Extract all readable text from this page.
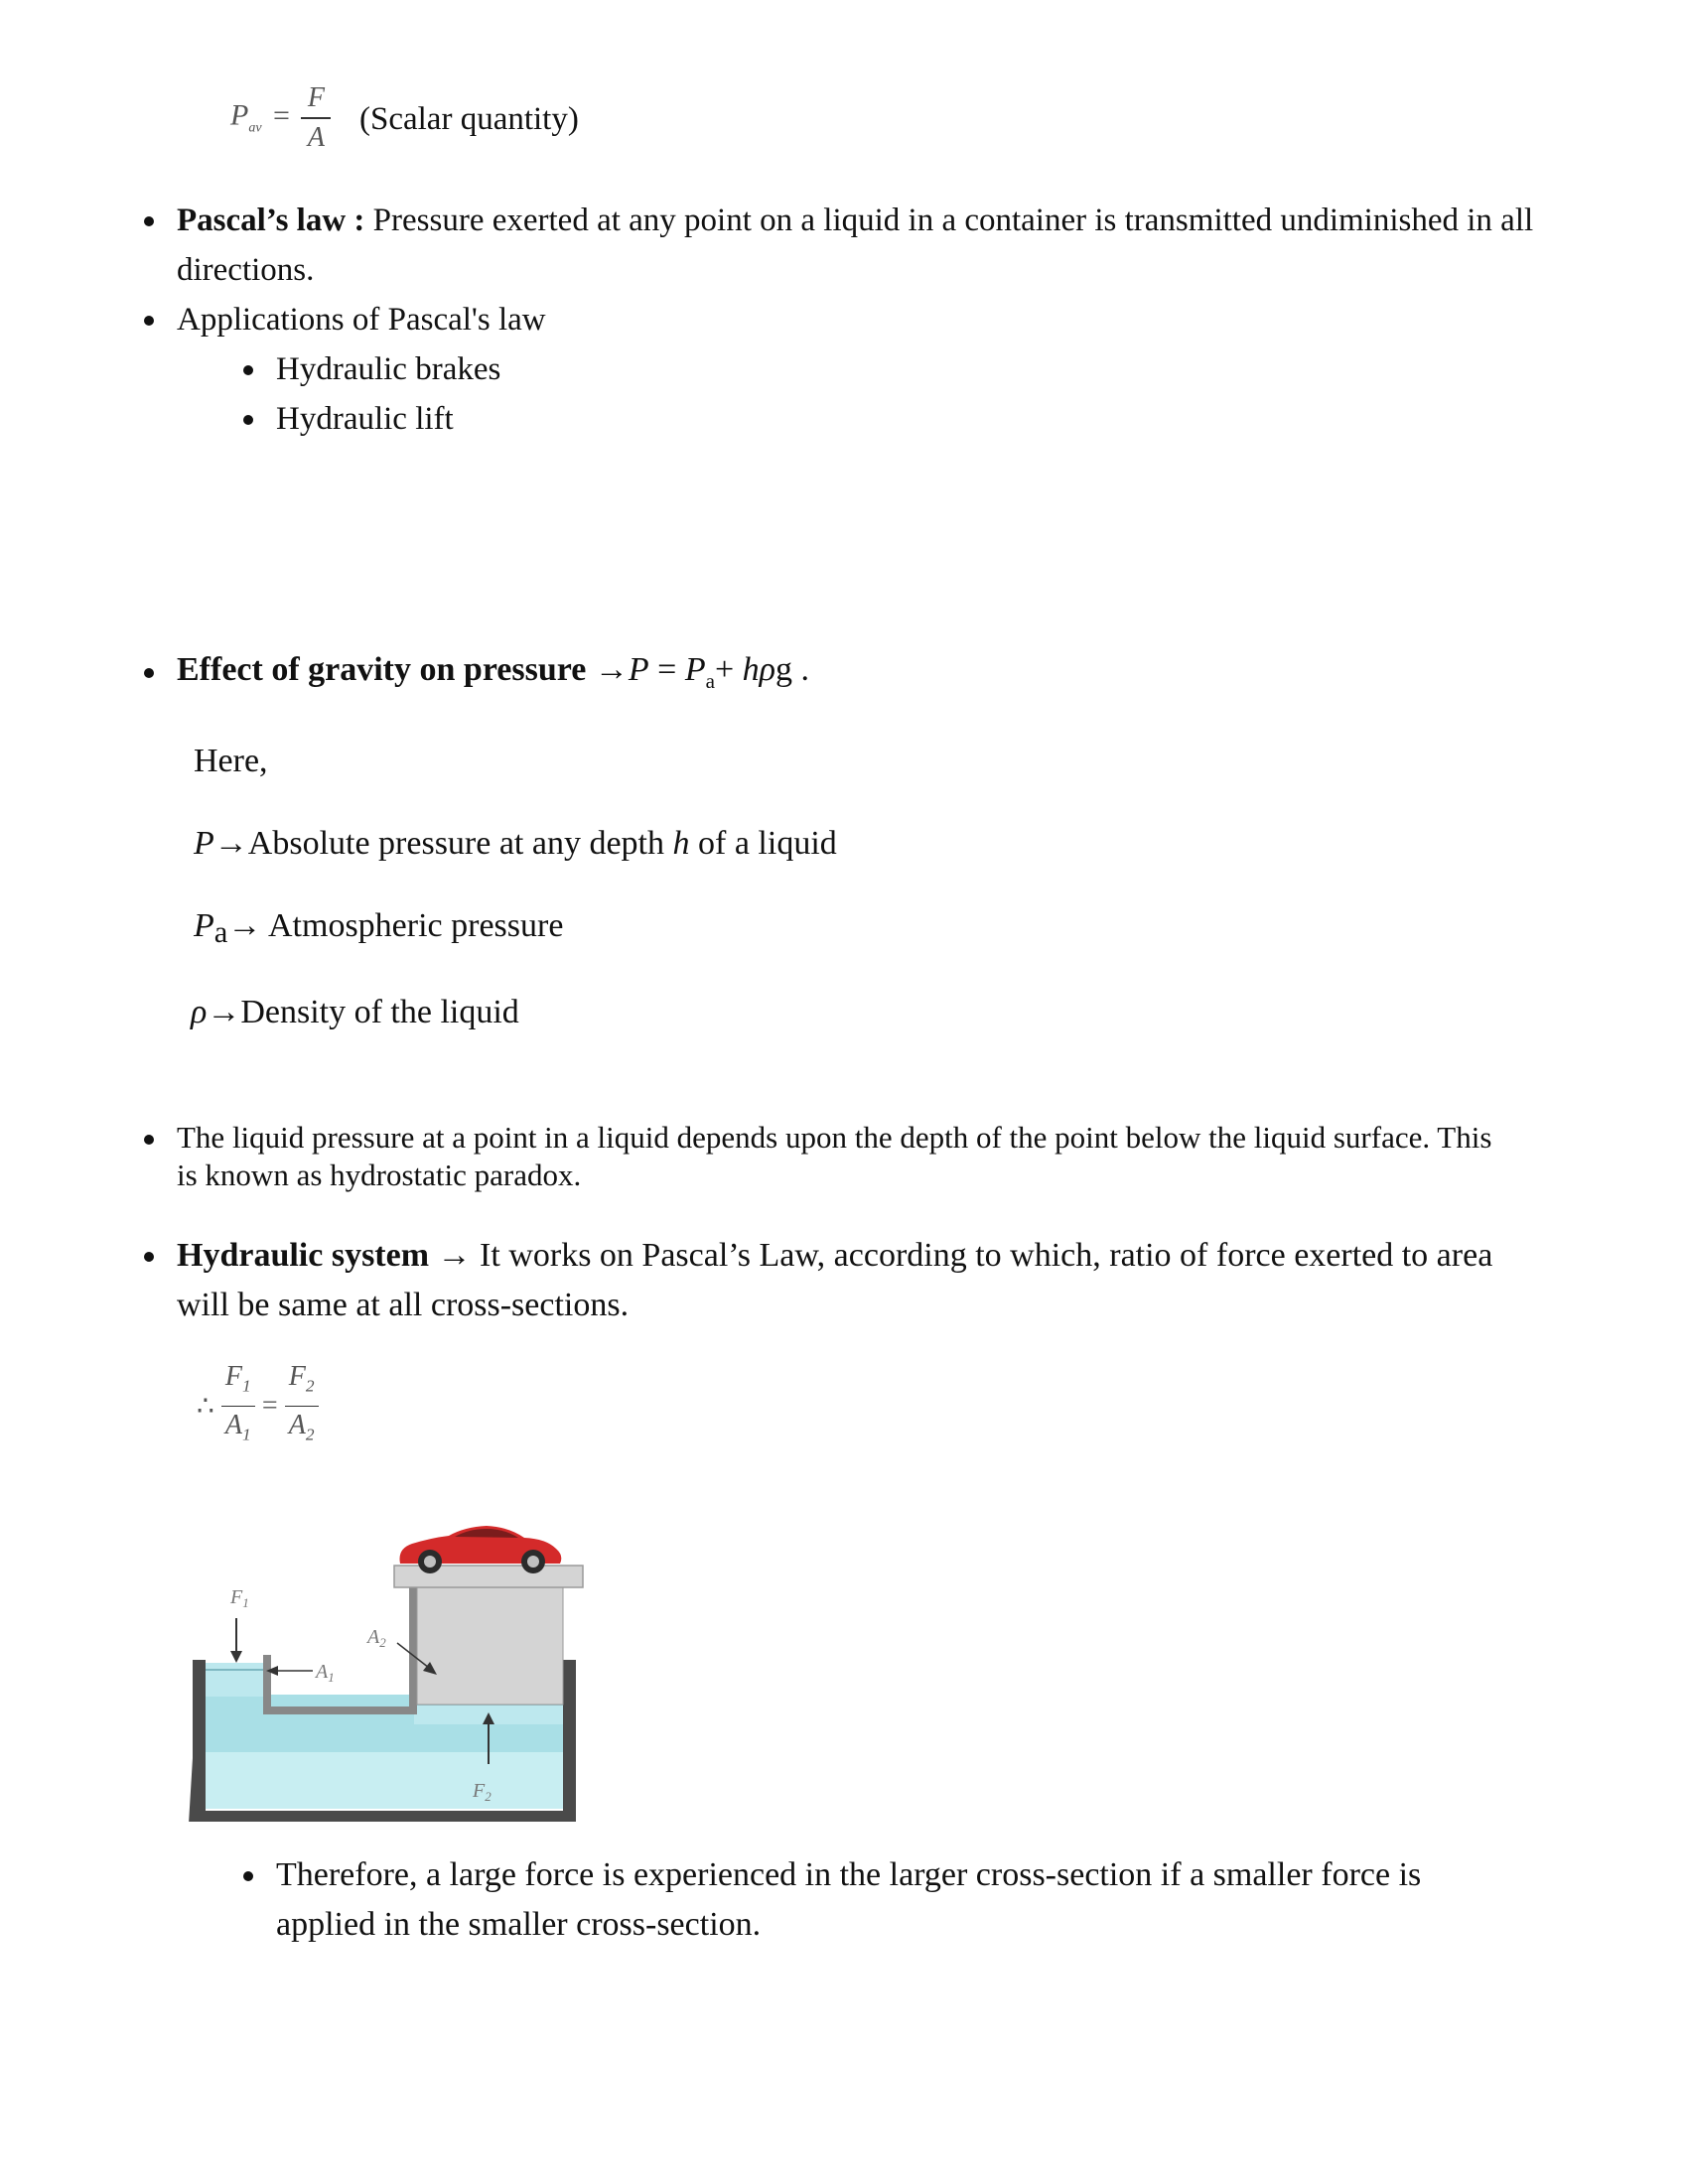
$P_{av} = \frac{F}{A}$ (Scalar quantity)
Pascal’s law : Pressure exerted at any point on a liquid in a container is transmitted undiminished in all
directions.
Applications of Pascal's law
Hydraulic brakes
Hydraulic lift
Effect of gravity on pressure $\to P = P_a+ h\rho g$ .
Here,
P→Absolute pressure at any depth h of a liquid
$P_a\to$ Atmospheric pressure
ρ→Density of the liquid
The liquid pressure at a point in a liquid depends upon the depth of the point below the liquid surface. This
is known as hydrostatic paradox.
Hydraulic system → It works on Pascal’s Law, according to which, ratio of force exerted to area
will be same at all cross-sections.
∴ $\frac{F_1}{A_1} = \frac{F_2}{A_2}$
$F_1$
$A_1$
$A_2$
$F_2$
Therefore, a large force is experienced in the larger cross-section if a smaller force is
applied in the smaller cross-section.
